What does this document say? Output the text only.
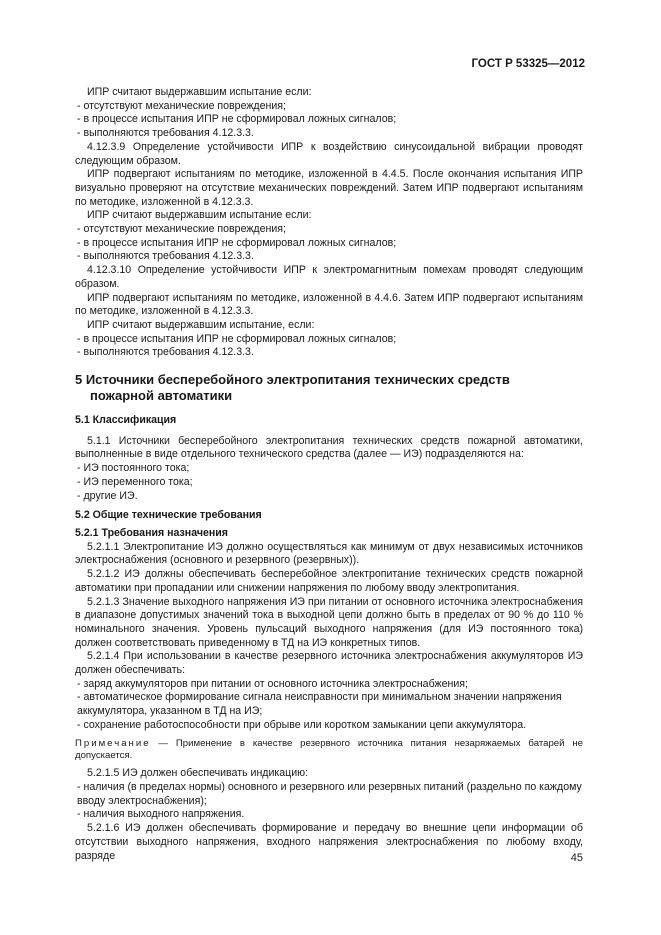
ГОСТ Р 53325—2012

ИПР считают выдержавшим испытание если:

- отсутствуют механические повреждения;

- в процессе испытания ИПР не сформировал ложных сигналов;

- выполняются требования 4.12.3.3.

4.12.3.9 Определение устойчивости ИПР к воздействию синусоидальной вибрации проводят следующим образом.

ИПР подвергают испытаниям по методике, изложенной в 4.4.5. После окончания испытания ИПР визуально проверяют на отсутствие механических повреждений. Затем ИПР подвергают испытаниям по методике, изложенной в 4.12.3.3.

ИПР считают выдержавшим испытание если:

- отсутствуют механические повреждения;

- в процессе испытания ИПР не сформировал ложных сигналов;

- выполняются требования 4.12.3.3.

4.12.3.10 Определение устойчивости ИПР к электромагнитным помехам проводят следующим образом.

ИПР подвергают испытаниям по методике, изложенной в 4.4.6. Затем ИПР подвергают испытаниям по методике, изложенной в 4.12.3.3.

ИПР считают выдержавшим испытание, если:

- в процессе испытания ИПР не сформировал ложных сигналов;

- выполняются требования 4.12.3.3.

5 Источники бесперебойного электропитания технических средств
пожарной автоматики

5.1 Классификация

5.1.1 Источники бесперебойного электропитания технических средств пожарной автоматики, выполненные в виде отдельного технического средства (далее — ИЭ) подразделяются на:

- ИЭ постоянного тока;

- ИЭ переменного тока;

- другие ИЭ.

5.2 Общие технические требования

5.2.1 Требования назначения

5.2.1.1 Электропитание ИЭ должно осуществляться как минимум от двух независимых источников электроснабжения (основного и резервного (резервных)).

5.2.1.2 ИЭ должны обеспечивать бесперебойное электропитание технических средств пожарной автоматики при пропадании или снижении напряжения по любому вводу электропитания.

5.2.1.3 Значение выходного напряжения ИЭ при питании от основного источника электроснабжения в диапазоне допустимых значений тока в выходной цепи должно быть в пределах от 90 % до 110 % номинального значения. Уровень пульсаций выходного напряжения (для ИЭ постоянного тока) должен соответствовать приведенному в ТД на ИЭ конкретных типов.

5.2.1.4 При использовании в качестве резервного источника электроснабжения аккумуляторов ИЭ должен обеспечивать:

- заряд аккумуляторов при питании от основного источника электроснабжения;

- автоматическое формирование сигнала неисправности при минимальном значении напряжения аккумулятора, указанном в ТД на ИЭ;

- сохранение работоспособности при обрыве или коротком замыкании цепи аккумулятора.

Примечание — Применение в качестве резервного источника питания незаряжаемых батарей не допускается.

5.2.1.5 ИЭ должен обеспечивать индикацию:

- наличия (в пределах нормы) основного и резервного или резервных питаний (раздельно по каждому вводу электроснабжения);

- наличия выходного напряжения.

5.2.1.6 ИЭ должен обеспечивать формирование и передачу во внешние цепи информации об отсутствии выходного напряжения, входного напряжения электроснабжения по любому входу, разряде	45
